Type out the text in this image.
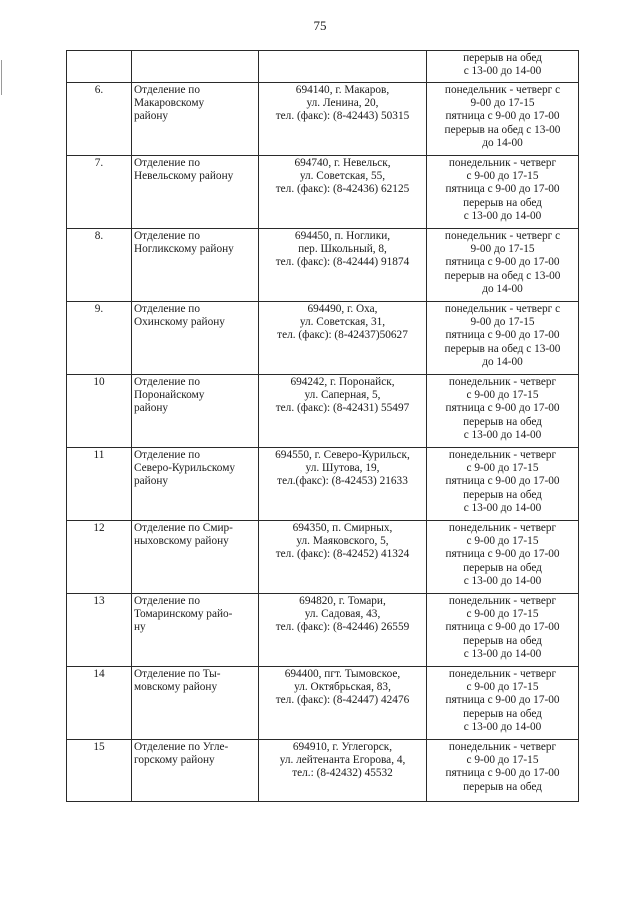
75

			перерыв на обед
с 13-00 до 14-00

6.	Отделение по
Макаровскому
району	694140, г. Макаров,
ул. Ленина, 20,
тел. (факс): (8-42443) 50315	понедельник - четверг с
9-00 до 17-15
пятница с 9-00 до 17-00
перерыв на обед с 13-00
до 14-00

7.	Отделение по
Невельскому району	694740, г. Невельск,
ул. Советская, 55,
тел. (факс): (8-42436) 62125	понедельник - четверг
с 9-00 до 17-15
пятница с 9-00 до 17-00
перерыв на обед
с 13-00 до 14-00

8.	Отделение по
Ногликскому району	694450, п. Ноглики,
пер. Школьный, 8,
тел. (факс): (8-42444) 91874	понедельник - четверг с
9-00 до 17-15
пятница с 9-00 до 17-00
перерыв на обед с 13-00
до 14-00

9.	Отделение по
Охинскому району	694490, г. Оха,
ул. Советская, 31,
тел. (факс): (8-42437)50627	понедельник - четверг с
9-00 до 17-15
пятница с 9-00 до 17-00
перерыв на обед с 13-00
до 14-00

10	Отделение по
Поронайскому
району	694242, г. Поронайск,
ул. Саперная, 5,
тел. (факс): (8-42431) 55497	понедельник - четверг
с 9-00 до 17-15
пятница с 9-00 до 17-00
перерыв на обед
с 13-00 до 14-00

11	Отделение по
Северо-Курильскому
району	694550, г. Северо-Курильск,
ул. Шутова, 19,
тел.(факс): (8-42453) 21633	понедельник - четверг
с 9-00 до 17-15
пятница с 9-00 до 17-00
перерыв на обед
с 13-00 до 14-00

12	Отделение по Смир-
ныховскому району	694350, п. Смирных,
ул. Маяковского, 5,
тел. (факс): (8-42452) 41324	понедельник - четверг
с 9-00 до 17-15
пятница с 9-00 до 17-00
перерыв на обед
с 13-00 до 14-00

13	Отделение по
Томаринскому райо-
ну	694820, г. Томари,
ул. Садовая, 43,
тел. (факс): (8-42446) 26559	понедельник - четверг
с 9-00 до 17-15
пятница с 9-00 до 17-00
перерыв на обед
с 13-00 до 14-00

14	Отделение по Ты-
мовскому району	694400, пгт. Тымовское,
ул. Октябрьская, 83,
тел. (факс): (8-42447) 42476	понедельник - четверг
с 9-00 до 17-15
пятница с 9-00 до 17-00
перерыв на обед
с 13-00 до 14-00

15	Отделение по Угле-
горскому району	694910, г. Углегорск,
ул. лейтенанта Егорова, 4,
тел.: (8-42432) 45532	понедельник - четверг
с 9-00 до 17-15
пятница с 9-00 до 17-00
перерыв на обед
